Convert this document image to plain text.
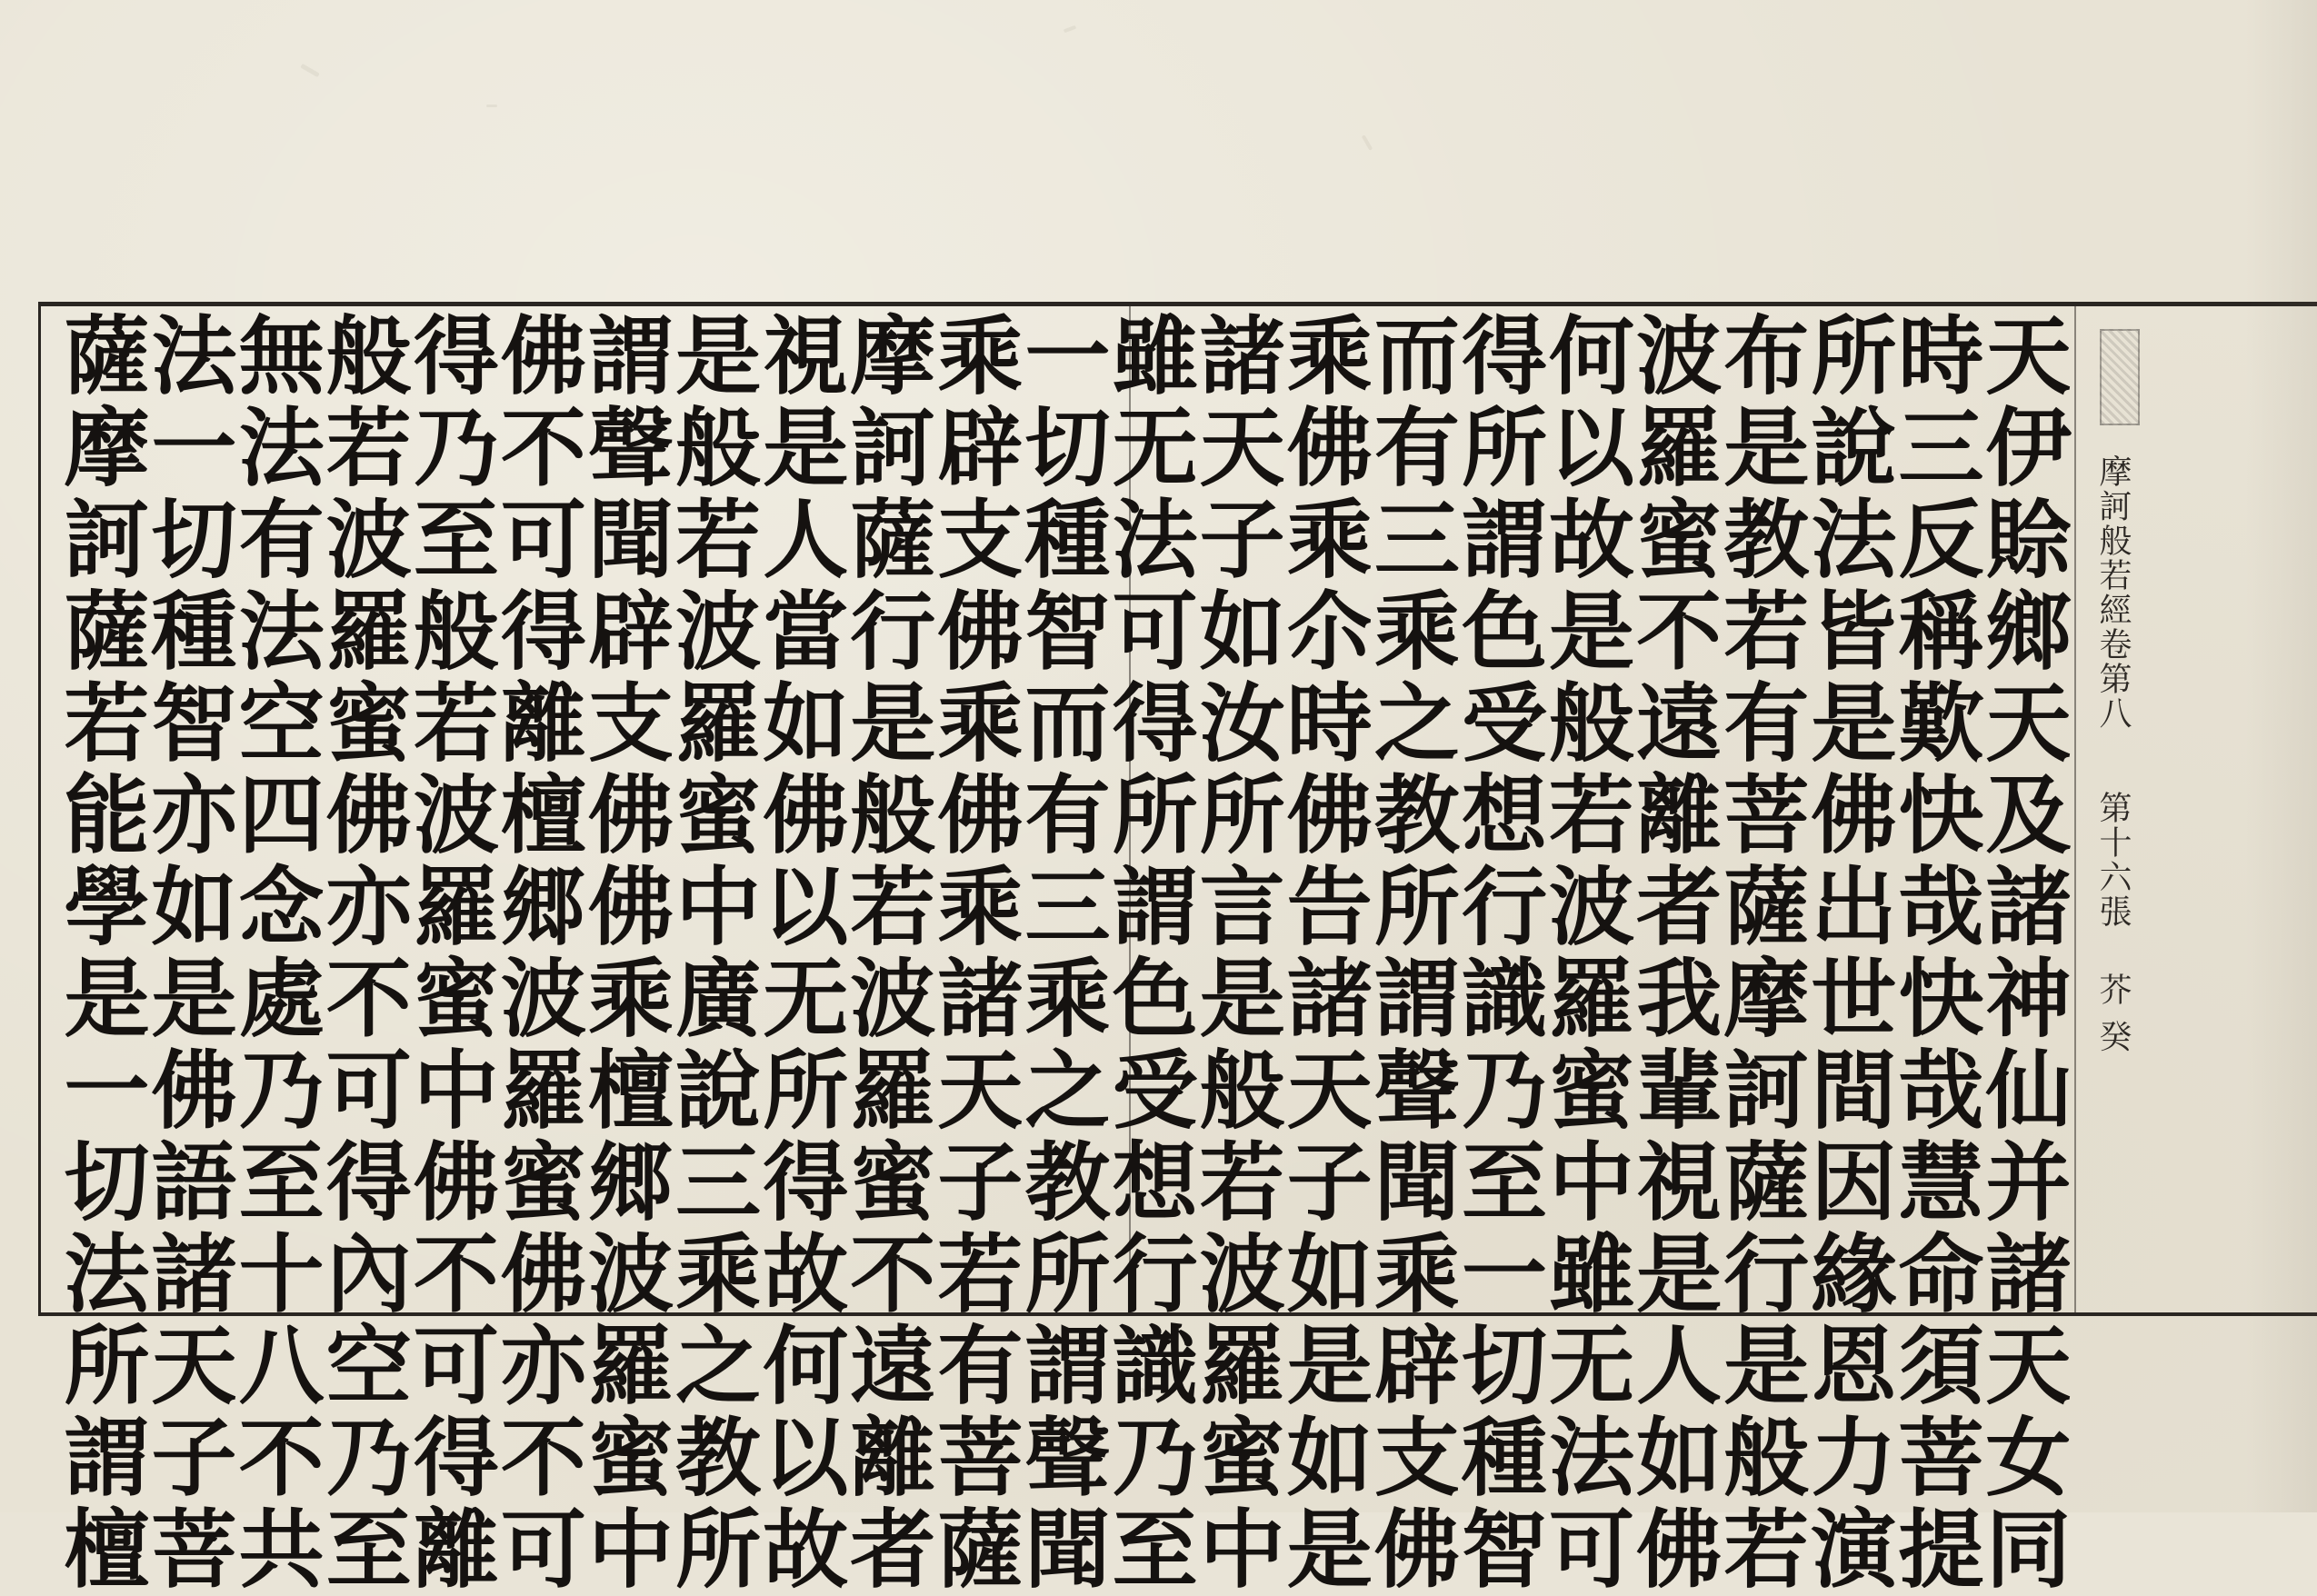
天伊賒鄉天及諸神仙并諸天女同
時三反稱歎快哉快哉慧命須菩提
所說法皆是佛出世間因緣恩力演
布是教若有菩薩摩訶薩行是般若
波羅蜜不遠離者我輩視是人如佛
何以故是般若波羅蜜中雖无法可
得所謂色受想行識乃至一切種智
而有三乘之教所謂聲聞乘辟支佛
乘佛乘尒時佛告諸天子如是如是
諸天子如汝所言是般若波羅蜜中
雖无法可得所謂色受想行識乃至
一切種智而有三乘之教所謂聲聞
乘辟支佛乘佛乘諸天子若有菩薩
摩訶薩行是般若波羅蜜不遠離者
視是人當如佛以无所得故何以故
是般若波羅蜜中廣說三乘之教所
謂聲聞辟支佛佛乘檀郷波羅蜜中
佛不可得離檀郷波羅蜜佛亦不可
得乃至般若波羅蜜中佛不可得離
般若波羅蜜佛亦不可得內空乃至
無法有法空四念處乃至十八不共
法一切種智亦如是佛語諸天子菩
薩摩訶薩若能學是一切法所謂檀	摩訶般若經卷第八
第十六張
芥 癸
